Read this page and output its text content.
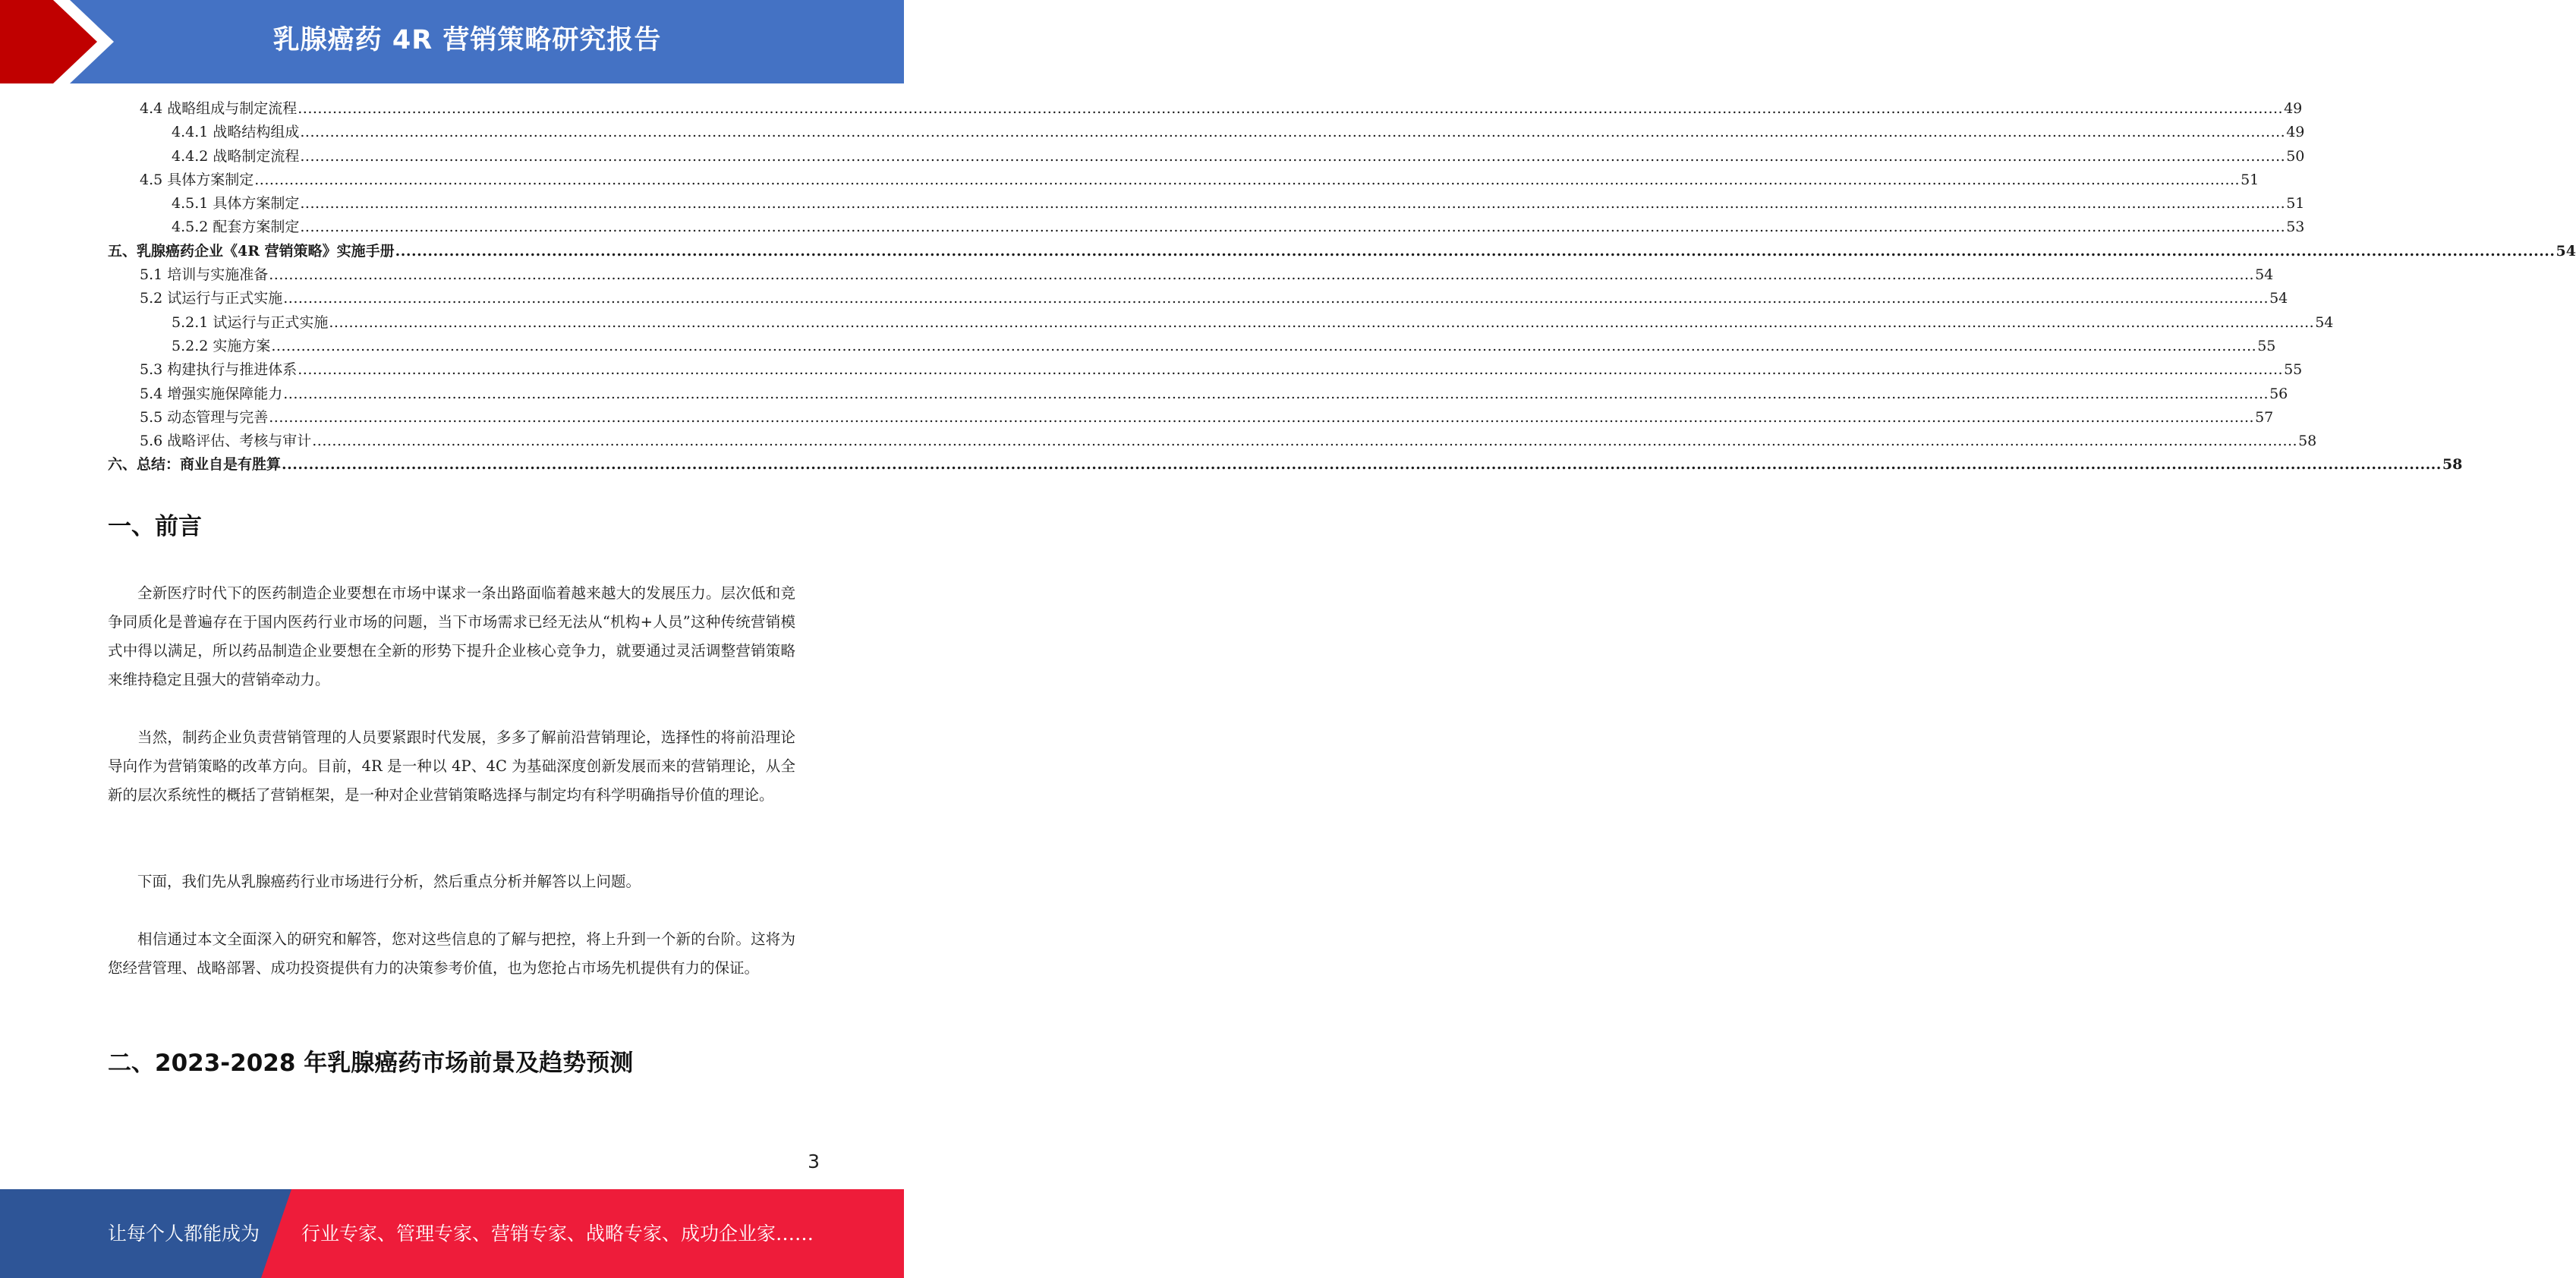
乳腺癌药 4R 营销策略研究报告
4.4 战略组成与制定流程 ................................................................................................................................................................................................................................................................................................................................................................................................................ 49
4.4.1 战略结构组成 ................................................................................................................................................................................................................................................................................................................................................................................................................ 49
4.4.2 战略制定流程 ................................................................................................................................................................................................................................................................................................................................................................................................................ 50
4.5 具体方案制定 ................................................................................................................................................................................................................................................................................................................................................................................................................ 51
4.5.1 具体方案制定 ................................................................................................................................................................................................................................................................................................................................................................................................................ 51
4.5.2 配套方案制定 ................................................................................................................................................................................................................................................................................................................................................................................................................ 53
五、乳腺癌药企业《4R 营销策略》实施手册 ................................................................................................................................................................................................................................................................................................................................................................................................................ 54
5.1 培训与实施准备 ................................................................................................................................................................................................................................................................................................................................................................................................................ 54
5.2 试运行与正式实施 ................................................................................................................................................................................................................................................................................................................................................................................................................ 54
5.2.1 试运行与正式实施 ................................................................................................................................................................................................................................................................................................................................................................................................................ 54
5.2.2 实施方案 ................................................................................................................................................................................................................................................................................................................................................................................................................ 55
5.3 构建执行与推进体系 ................................................................................................................................................................................................................................................................................................................................................................................................................ 55
5.4 增强实施保障能力 ................................................................................................................................................................................................................................................................................................................................................................................................................ 56
5.5 动态管理与完善 ................................................................................................................................................................................................................................................................................................................................................................................................................ 57
5.6 战略评估、考核与审计 ................................................................................................................................................................................................................................................................................................................................................................................................................ 58
六、总结：商业自是有胜算 ................................................................................................................................................................................................................................................................................................................................................................................................................ 58
一、前言

全新医疗时代下的医药制造企业要想在市场中谋求一条出路面临着越来越大的发展压力。层次低和竞争同质化是普遍存在于国内医药行业市场的问题，当下市场需求已经无法从“机构+人员”这种传统营销模式中得以满足，所以药品制造企业要想在全新的形势下提升企业核心竞争力，就要通过灵活调整营销策略来维持稳定且强大的营销牵动力。

当然，制药企业负责营销管理的人员要紧跟时代发展，多多了解前沿营销理论，选择性的将前沿理论导向作为营销策略的改革方向。目前，4R 是一种以 4P、4C 为基础深度创新发展而来的营销理论，从全新的层次系统性的概括了营销框架，是一种对企业营销策略选择与制定均有科学明确指导价值的理论。

下面，我们先从乳腺癌药行业市场进行分析，然后重点分析并解答以上问题。

相信通过本文全面深入的研究和解答，您对这些信息的了解与把控，将上升到一个新的台阶。这将为您经营管理、战略部署、成功投资提供有力的决策参考价值，也为您抢占市场先机提供有力的保证。

二、2023-2028 年乳腺癌药市场前景及趋势预测
3
让每个人都能成为 行业专家、管理专家、营销专家、战略专家、成功企业家……
